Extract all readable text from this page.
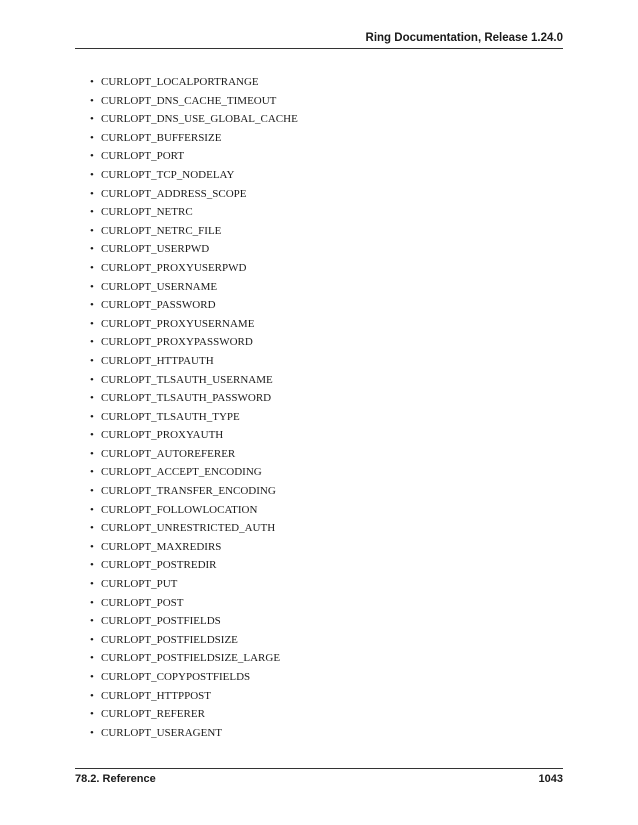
Ring Documentation, Release 1.24.0
• CURLOPT_LOCALPORTRANGE
• CURLOPT_DNS_CACHE_TIMEOUT
• CURLOPT_DNS_USE_GLOBAL_CACHE
• CURLOPT_BUFFERSIZE
• CURLOPT_PORT
• CURLOPT_TCP_NODELAY
• CURLOPT_ADDRESS_SCOPE
• CURLOPT_NETRC
• CURLOPT_NETRC_FILE
• CURLOPT_USERPWD
• CURLOPT_PROXYUSERPWD
• CURLOPT_USERNAME
• CURLOPT_PASSWORD
• CURLOPT_PROXYUSERNAME
• CURLOPT_PROXYPASSWORD
• CURLOPT_HTTPAUTH
• CURLOPT_TLSAUTH_USERNAME
• CURLOPT_TLSAUTH_PASSWORD
• CURLOPT_TLSAUTH_TYPE
• CURLOPT_PROXYAUTH
• CURLOPT_AUTOREFERER
• CURLOPT_ACCEPT_ENCODING
• CURLOPT_TRANSFER_ENCODING
• CURLOPT_FOLLOWLOCATION
• CURLOPT_UNRESTRICTED_AUTH
• CURLOPT_MAXREDIRS
• CURLOPT_POSTREDIR
• CURLOPT_PUT
• CURLOPT_POST
• CURLOPT_POSTFIELDS
• CURLOPT_POSTFIELDSIZE
• CURLOPT_POSTFIELDSIZE_LARGE
• CURLOPT_COPYPOSTFIELDS
• CURLOPT_HTTPPOST
• CURLOPT_REFERER
• CURLOPT_USERAGENT
78.2. Reference	1043
